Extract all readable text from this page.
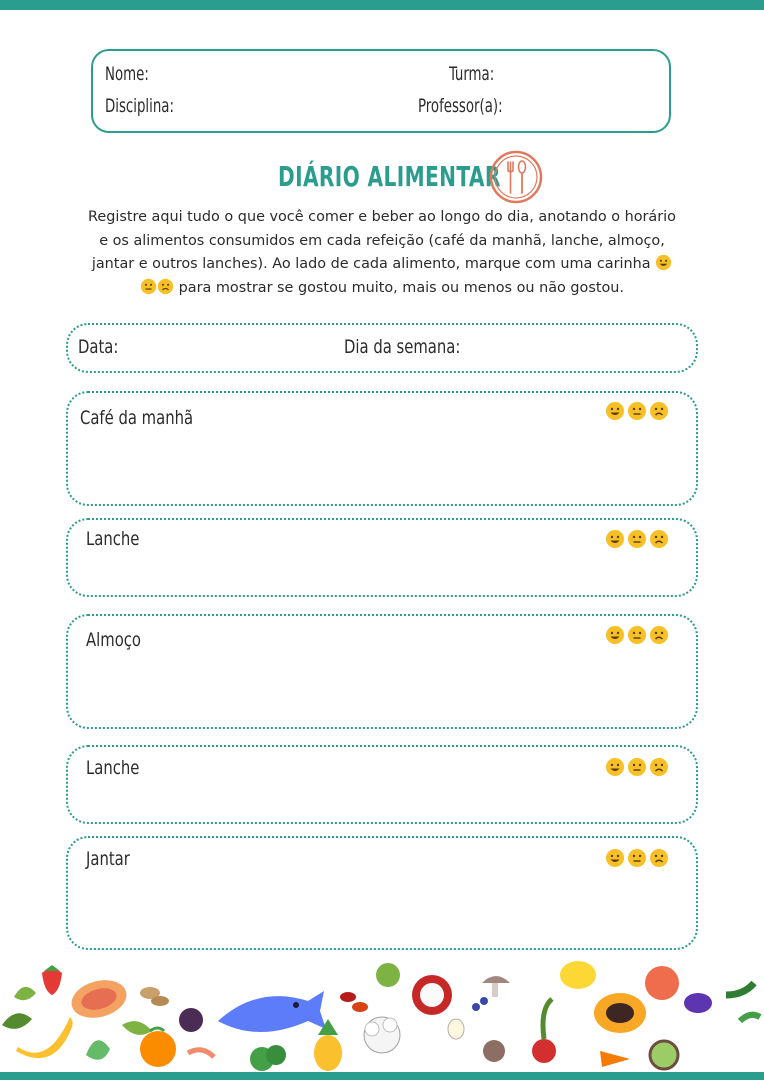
Nome:	Turma:
Disciplina:	Professor(a):
DIÁRIO ALIMENTAR
Registre aqui tudo o que você comer e beber ao longo do dia, anotando o horário
e os alimentos consumidos em cada refeição (café da manhã, lanche, almoço,
jantar e outros lanches). Ao lado de cada alimento, marque com uma carinha
para mostrar se gostou muito, mais ou menos ou não gostou.
Data:	Dia da semana:
Café da manhã
Lanche
Almoço
Lanche
Jantar
